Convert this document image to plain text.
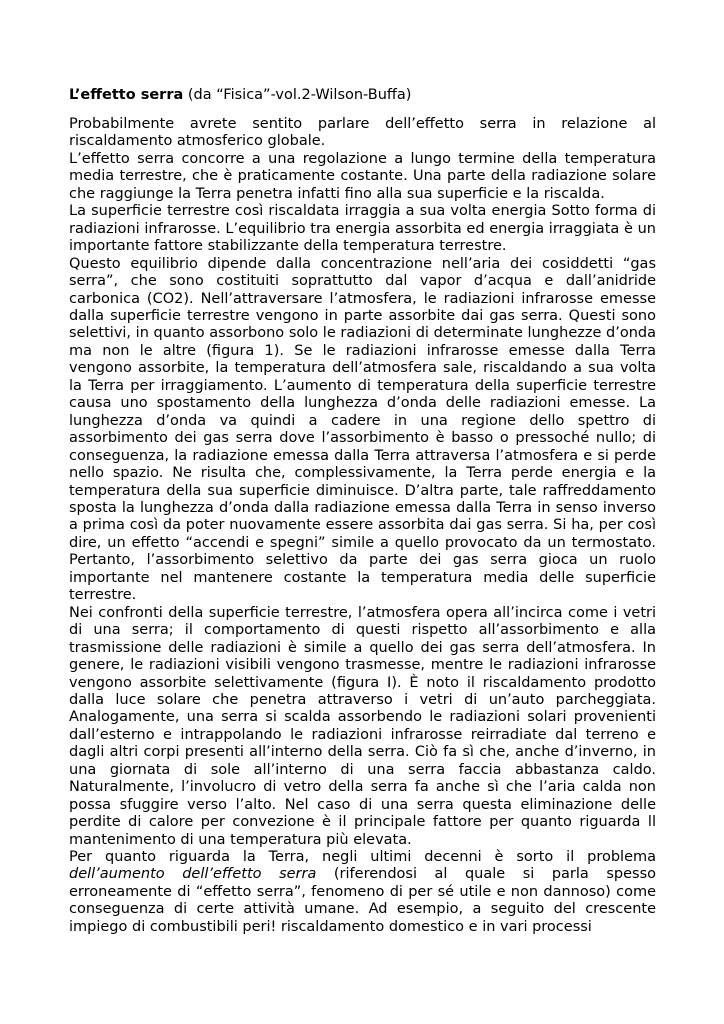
L’effetto serra (da “Fisica”-vol.2-Wilson-Buffa)

Probabilmente avrete sentito parlare dell’effetto serra in relazione al riscaldamento atmosferico globale.

L’effetto serra concorre a una regolazione a lungo termine della temperatura media terrestre, che è praticamente costante. Una parte della radiazione solare che raggiunge la Terra penetra infatti fino alla sua superficie e la riscalda.

La superficie terrestre così riscaldata irraggia a sua volta energia Sotto forma di radiazioni infrarosse. L’equilibrio tra energia assorbita ed energia irraggiata è un importante fattore stabilizzante della temperatura terrestre.

Questo equilibrio dipende dalla concentrazione nell’aria dei cosiddetti “gas serra”, che sono costituiti soprattutto dal vapor d’acqua e dall’anidride carbonica (CO2). Nell’attraversare l’atmosfera, le radiazioni infrarosse emesse dalla superficie terrestre vengono in parte assorbite dai gas serra. Questi sono selettivi, in quanto assorbono solo le radiazioni di determinate lunghezze d’onda ma non le altre (figura 1). Se le radiazioni infrarosse emesse dalla Terra vengono assorbite, la temperatura dell’atmosfera sale, riscaldando a sua volta la Terra per irraggiamento. L’aumento di temperatura della superficie terrestre causa uno spostamento della lunghezza d’onda delle radiazioni emesse. La lunghezza d’onda va quindi a cadere in una regione dello spettro di assorbimento dei gas serra dove l’assorbimento è basso o pressoché nullo; di conseguenza, la radiazione emessa dalla Terra attraversa l’atmosfera e si perde nello spazio. Ne risulta che, complessivamente, la Terra perde energia e la temperatura della sua superficie diminuisce. D’altra parte, tale raffreddamento sposta la lunghezza d’onda dalla radiazione emessa dalla Terra in senso inverso a prima così da poter nuovamente essere assorbita dai gas serra. Si ha, per così dire, un effetto “accendi e spegni” simile a quello provocato da un termostato. Pertanto, l’assorbimento selettivo da parte dei gas serra gioca un ruolo importante nel mantenere costante la temperatura media delle superficie terrestre.

Nei confronti della superficie terrestre, l’atmosfera opera all’incirca come i vetri di una serra; il comportamento di questi rispetto all’assorbimento e alla trasmissione delle radiazioni è simile a quello dei gas serra dell’atmosfera. In genere, le radiazioni visibili vengono trasmesse, mentre le radiazioni infrarosse vengono assorbite selettivamente (figura I). È noto il riscaldamento prodotto dalla luce solare che penetra attraverso i vetri di un’auto parcheggiata. Analogamente, una serra si scalda assorbendo le radiazioni solari provenienti dall’esterno e intrappolando le radiazioni infrarosse reirradiate dal terreno e dagli altri corpi presenti all’interno della serra. Ciò fa sì che, anche d’inverno, in una giornata di sole all’interno di una serra faccia abbastanza caldo. Naturalmente, l’involucro di vetro della serra fa anche sì che l’aria calda non possa sfuggire verso l’alto. Nel caso di una serra questa eliminazione delle perdite di calore per convezione è il principale fattore per quanto riguarda ll mantenimento di una temperatura più elevata.

Per quanto riguarda la Terra, negli ultimi decenni è sorto il problema dell’aumento dell’effetto serra (riferendosi al quale si parla spesso erroneamente di “effetto serra”, fenomeno di per sé utile e non dannoso) come conseguenza di certe attività umane. Ad esempio, a seguito del crescente impiego di combustibili peri! riscaldamento domestico e in vari processi
